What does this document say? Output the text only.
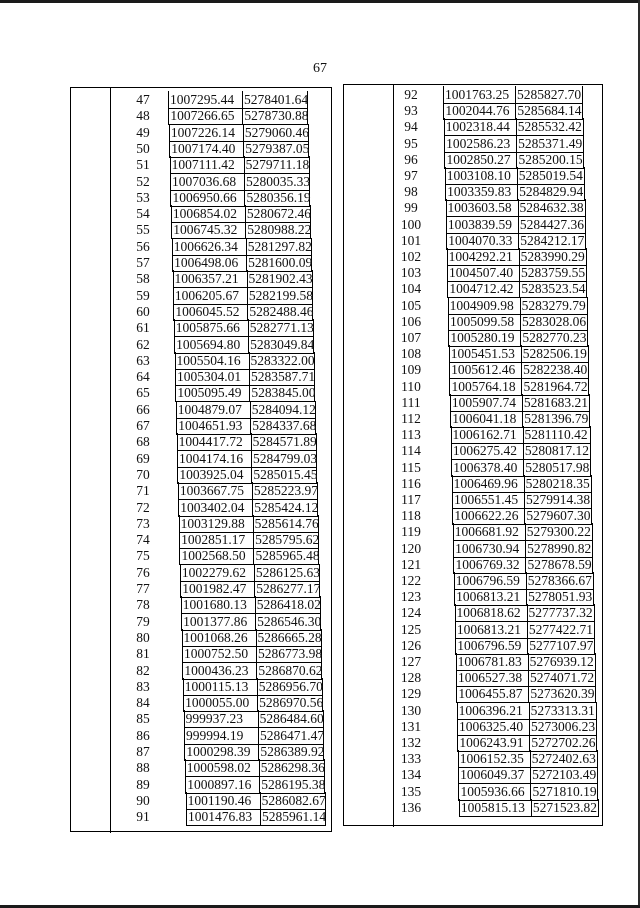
67
47	1007295.44 5278401.64
48	1007266.65 5278730.88
49	1007226.14 5279060.46
50	1007174.40 5279387.05
51	1007111.42 5279711.18
52	1007036.68 5280035.33
53	1006950.66 5280356.19
54	1006854.02 5280672.46
55	1006745.32 5280988.22
56	1006626.34 5281297.82
57	1006498.06 5281600.09
58	1006357.21 5281902.43
59	1006205.67 5282199.58
60	1006045.52 5282488.46
61	1005875.66 5282771.13
62	1005694.80 5283049.84
63	1005504.16 5283322.00
64	1005304.01 5283587.71
65	1005095.49 5283845.00
66	1004879.07 5284094.12
67	1004651.93 5284337.68
68	1004417.72 5284571.89
69	1004174.16 5284799.03
70	1003925.04 5285015.45
71	1003667.75 5285223.97
72	1003402.04 5285424.12
73	1003129.88 5285614.76
74	1002851.17 5285795.62
75	1002568.50 5285965.48
76	1002279.62 5286125.63
77	1001982.47 5286277.17
78	1001680.13 5286418.02
79	1001377.86 5286546.30
80	1001068.26 5286665.28
81	1000752.50 5286773.98
82	1000436.23 5286870.62
83	1000115.13 5286956.70
84	1000055.00 5286970.56
85	999937.23	5286484.60
86	999994.19	5286471.47
87	1000298.39 5286389.92
88	1000598.02 5286298.36
89	1000897.16 5286195.38
90	1001190.46 5286082.67
91	1001476.83 5285961.14
92	1001763.25 5285827.70
93	1002044.76 5285684.14
94	1002318.44 5285532.42
95	1002586.23 5285371.49
96	1002850.27 5285200.15
97	1003108.10 5285019.54
98	1003359.83 5284829.94
99	1003603.58 5284632.38
100	1003839.59 5284427.36
101	1004070.33 5284212.17
102	1004292.21 5283990.29
103	1004507.40 5283759.55
104	1004712.42 5283523.54
105	1004909.98 5283279.79
106	1005099.58 5283028.06
107	1005280.19 5282770.23
108	1005451.53 5282506.19
109	1005612.46 5282238.40
110	1005764.18 5281964.72
111	1005907.74 5281683.21
112	1006041.18 5281396.79
113	1006162.71 5281110.42
114	1006275.42 5280817.12
115	1006378.40 5280517.98
116	1006469.96 5280218.35
117	1006551.45 5279914.38
118	1006622.26 5279607.30
119	1006681.92 5279300.22
120	1006730.94 5278990.82
121	1006769.32 5278678.59
122	1006796.59 5278366.67
123	1006813.21 5278051.93
124	1006818.62 5277737.32
125	1006813.21 5277422.71
126	1006796.59 5277107.97
127	1006781.83 5276939.12
128	1006527.38 5274071.72
129	1006455.87 5273620.39
130	1006396.21 5273313.31
131	1006325.40 5273006.23
132	1006243.91 5272702.26
133	1006152.35 5272402.63
134	1006049.37 5272103.49
135	1005936.66 5271810.19
136	1005815.13 5271523.82
